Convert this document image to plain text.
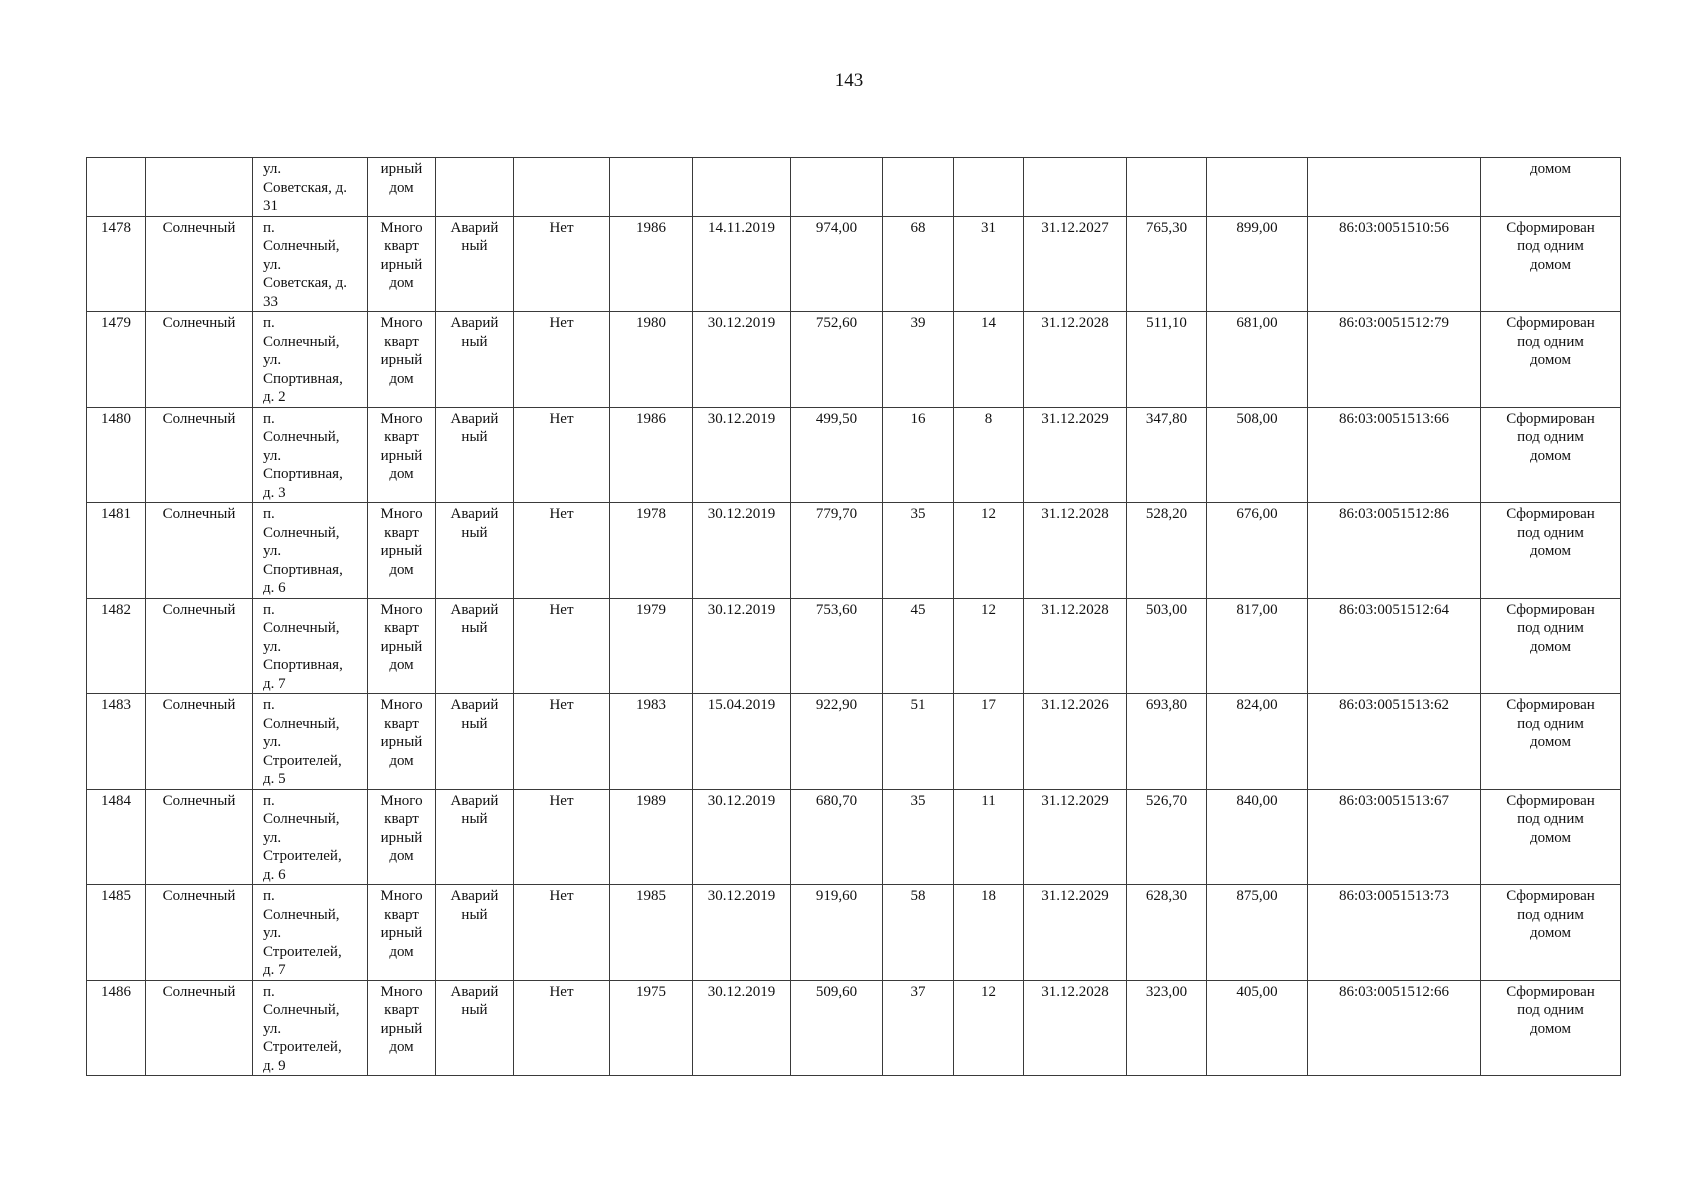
143

		ул.
Советская, д.
31	ирный
дом												домом

1478	Солнечный	п.
Солнечный,
ул.
Советская, д.
33	Много
кварт
ирный
дом	Аварий
ный	Нет	1986	14.11.2019	974,00	68	31	31.12.2027	765,30	899,00	86:03:0051510:56	Сформирован
под одним
домом

1479	Солнечный	п.
Солнечный,
ул.
Спортивная,
д. 2	Много
кварт
ирный
дом	Аварий
ный	Нет	1980	30.12.2019	752,60	39	14	31.12.2028	511,10	681,00	86:03:0051512:79	Сформирован
под одним
домом

1480	Солнечный	п.
Солнечный,
ул.
Спортивная,
д. 3	Много
кварт
ирный
дом	Аварий
ный	Нет	1986	30.12.2019	499,50	16	8	31.12.2029	347,80	508,00	86:03:0051513:66	Сформирован
под одним
домом

1481	Солнечный	п.
Солнечный,
ул.
Спортивная,
д. 6	Много
кварт
ирный
дом	Аварий
ный	Нет	1978	30.12.2019	779,70	35	12	31.12.2028	528,20	676,00	86:03:0051512:86	Сформирован
под одним
домом

1482	Солнечный	п.
Солнечный,
ул.
Спортивная,
д. 7	Много
кварт
ирный
дом	Аварий
ный	Нет	1979	30.12.2019	753,60	45	12	31.12.2028	503,00	817,00	86:03:0051512:64	Сформирован
под одним
домом

1483	Солнечный	п.
Солнечный,
ул.
Строителей,
д. 5	Много
кварт
ирный
дом	Аварий
ный	Нет	1983	15.04.2019	922,90	51	17	31.12.2026	693,80	824,00	86:03:0051513:62	Сформирован
под одним
домом

1484	Солнечный	п.
Солнечный,
ул.
Строителей,
д. 6	Много
кварт
ирный
дом	Аварий
ный	Нет	1989	30.12.2019	680,70	35	11	31.12.2029	526,70	840,00	86:03:0051513:67	Сформирован
под одним
домом

1485	Солнечный	п.
Солнечный,
ул.
Строителей,
д. 7	Много
кварт
ирный
дом	Аварий
ный	Нет	1985	30.12.2019	919,60	58	18	31.12.2029	628,30	875,00	86:03:0051513:73	Сформирован
под одним
домом

1486	Солнечный	п.
Солнечный,
ул.
Строителей,
д. 9	Много
кварт
ирный
дом	Аварий
ный	Нет	1975	30.12.2019	509,60	37	12	31.12.2028	323,00	405,00	86:03:0051512:66	Сформирован
под одним
домом
